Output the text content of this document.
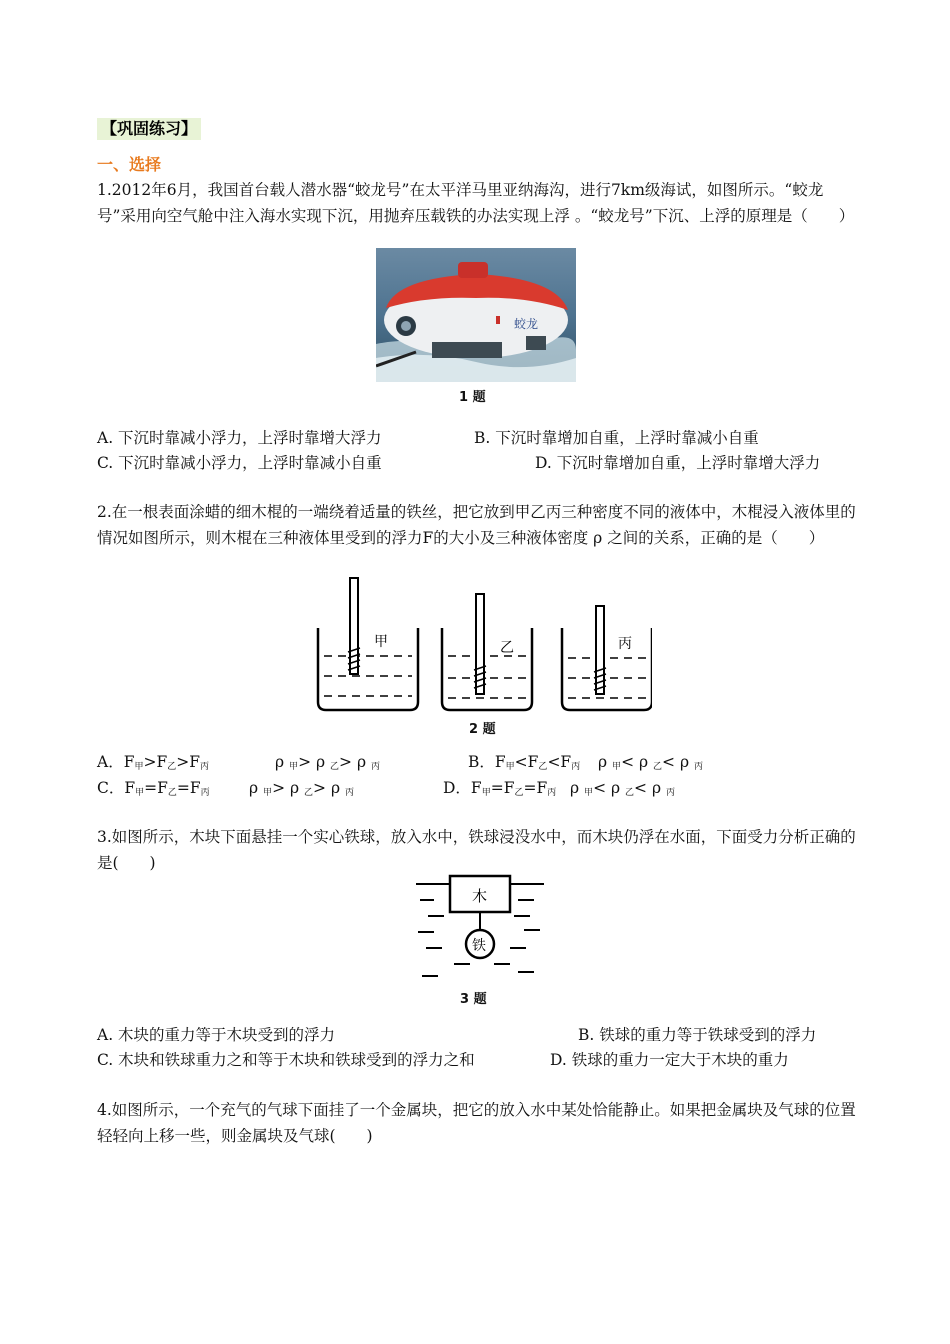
【巩固练习】
一、选择
1.2012年6月，我国首台载人潜水器“蛟龙号”在太平洋马里亚纳海沟，进行7km级海试，如图所示。“蛟龙号”采用向空气舱中注入海水实现下沉，用抛弃压载铁的办法实现上浮 。“蛟龙号”下沉、上浮的原理是（　　）
蛟龙
1 题
A. 下沉时靠减小浮力，上浮时靠增大浮力	B. 下沉时靠增加自重，上浮时靠减小自重
C. 下沉时靠减小浮力，上浮时靠减小自重	D. 下沉时靠增加自重，上浮时靠增大浮力
2.在一根表面涂蜡的细木棍的一端绕着适量的铁丝，把它放到甲乙丙三种密度不同的液体中，木棍浸入液体里的情况如图所示，则木棍在三种液体里受到的浮力F的大小及三种液体密度 ρ 之间的关系，正确的是（　　）
甲	乙	丙
2 题
A．$F_甲>F_乙>F_丙$	ρ $_甲$> ρ $_乙$> ρ $_丙$	B．$F_甲<F_乙<F_丙$ ρ $_甲$< ρ $_乙$< ρ $_丙$
C．$F_甲=F_乙=F_丙$	ρ $_甲$> ρ $_乙$> ρ $_丙$	D．$F_甲=F_乙=F_丙$ ρ $_甲$< ρ $_乙$< ρ $_丙$
3.如图所示，木块下面悬挂一个实心铁球，放入水中，铁球浸没水中，而木块仍浮在水面，下面受力分析正确的是(　　)
木
铁
3 题
A. 木块的重力等于木块受到的浮力	B. 铁球的重力等于铁球受到的浮力
C. 木块和铁球重力之和等于木块和铁球受到的浮力之和	D. 铁球的重力一定大于木块的重力
4.如图所示，一个充气的气球下面挂了一个金属块，把它的放入水中某处恰能静止。如果把金属块及气球的位置轻轻向上移一些，则金属块及气球(　　)
